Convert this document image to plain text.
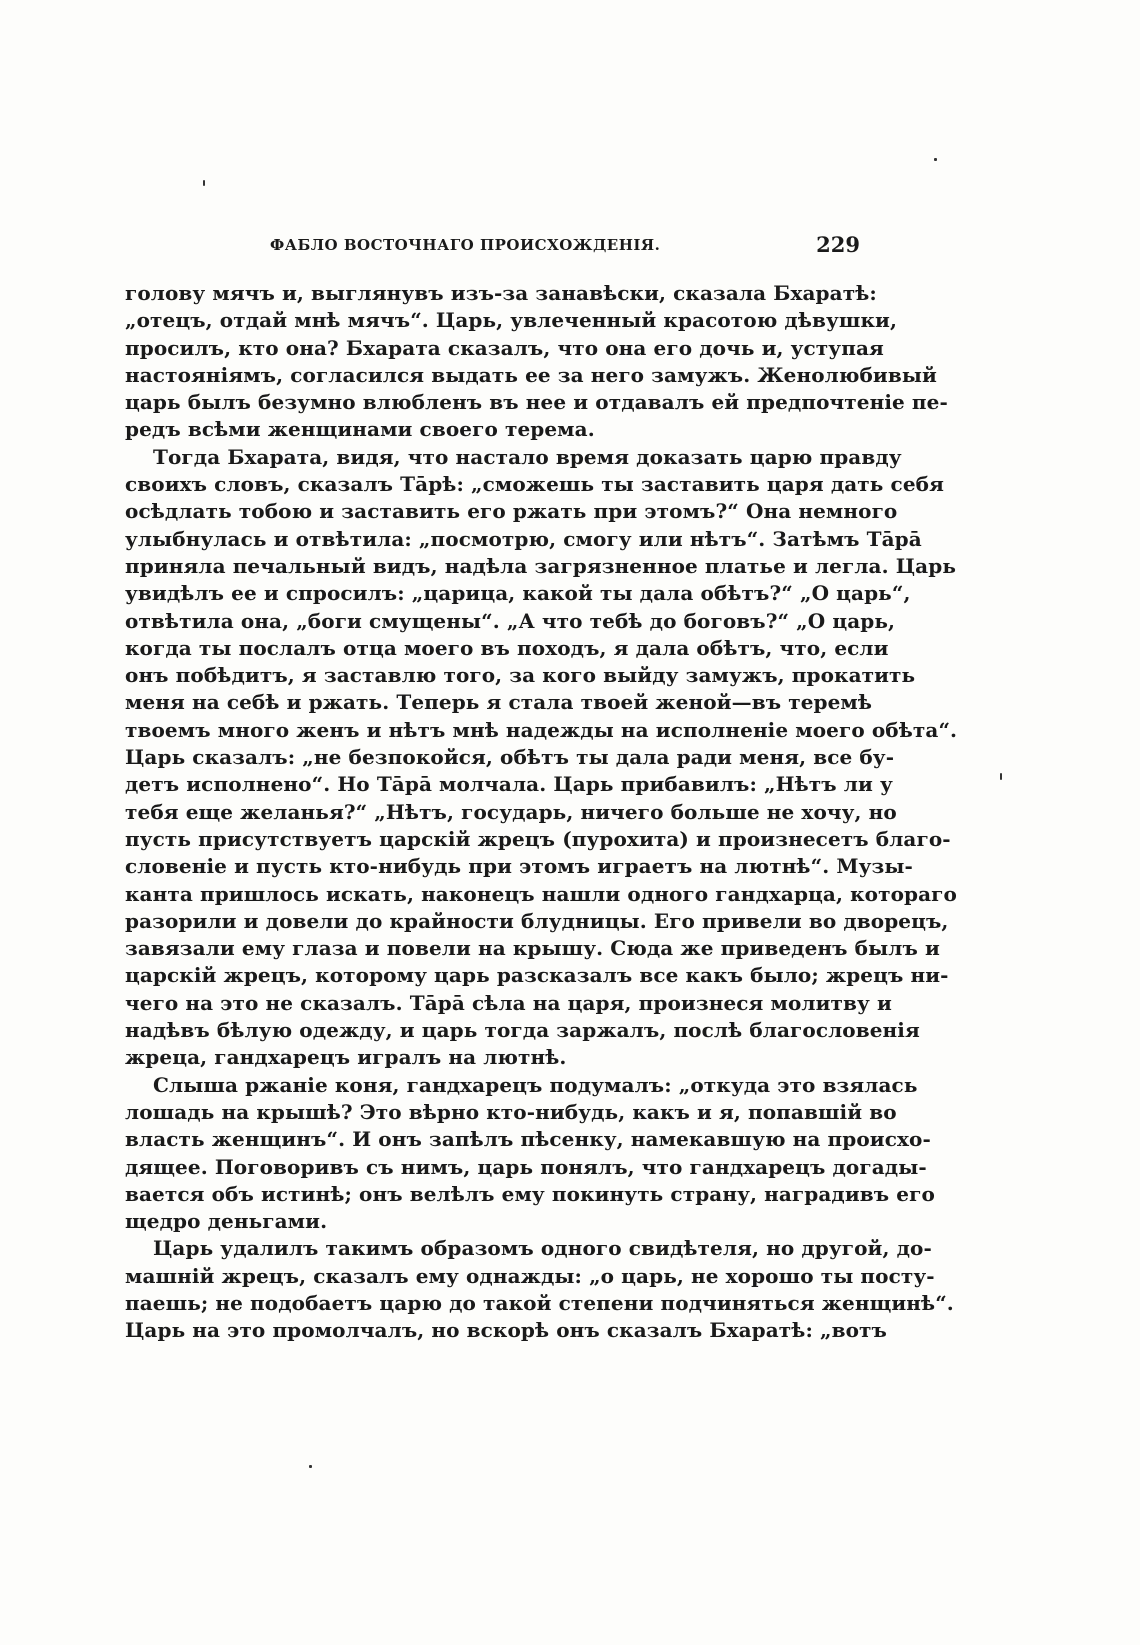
ФАБЛО ВОСТОЧНАГО ПРОИСХОЖДЕНІЯ.	229
голову мячъ и, выглянувъ изъ-за занавѣски, сказала Бхаратѣ:
„отецъ, отдай мнѣ мячъ“. Царь, увлеченный красотою дѣвушки,
просилъ, кто она? Бхарата сказалъ, что она его дочь и, уступая
настояніямъ, согласился выдать ее за него замужъ. Женолюбивый
царь былъ безумно влюбленъ въ нее и отдавалъ ей предпочтеніе пе-
редъ всѣми женщинами своего терема.
Тогда Бхарата, видя, что настало время доказать царю правду
своихъ словъ, сказалъ Тāрѣ: „сможешь ты заставить царя дать себя
осѣдлать тобою и заставить его ржать при этомъ?“ Она немного
улыбнулась и отвѣтила: „посмотрю, смогу или нѣтъ“. Затѣмъ Тāрā
приняла печальный видъ, надѣла загрязненное платье и легла. Царь
увидѣлъ ее и спросилъ: „царица, какой ты дала обѣтъ?“ „О царь“,
отвѣтила она, „боги смущены“. „А что тебѣ до боговъ?“ „О царь,
когда ты послалъ отца моего въ походъ, я дала обѣтъ, что, если
онъ побѣдитъ, я заставлю того, за кого выйду замужъ, прокатить
меня на себѣ и ржать. Теперь я стала твоей женой—въ теремѣ
твоемъ много женъ и нѣтъ мнѣ надежды на исполненіе моего обѣта“.
Царь сказалъ: „не безпокойся, обѣтъ ты дала ради меня, все бу-
детъ исполнено“. Но Тāрā молчала. Царь прибавилъ: „Нѣтъ ли у
тебя еще желанья?“ „Нѣтъ, государь, ничего больше не хочу, но
пусть присутствуетъ царскій жрецъ (пурохита) и произнесетъ благо-
словеніе и пусть кто-нибудь при этомъ играетъ на лютнѣ“. Музы-
канта пришлось искать, наконецъ нашли одного гандхарца, котораго
разорили и довели до крайности блудницы. Его привели во дворецъ,
завязали ему глаза и повели на крышу. Сюда же приведенъ былъ и
царскій жрецъ, которому царь разсказалъ все какъ было; жрецъ ни-
чего на это не сказалъ. Тāрā сѣла на царя, произнеся молитву и
надѣвъ бѣлую одежду, и царь тогда заржалъ, послѣ благословенія
жреца, гандхарецъ игралъ на лютнѣ.
Слыша ржаніе коня, гандхарецъ подумалъ: „откуда это взялась
лошадь на крышѣ? Это вѣрно кто-нибудь, какъ и я, попавшій во
власть женщинъ“. И онъ запѣлъ пѣсенку, намекавшую на происхо-
дящее. Поговоривъ съ нимъ, царь понялъ, что гандхарецъ догады-
вается объ истинѣ; онъ велѣлъ ему покинуть страну, наградивъ его
щедро деньгами.
Царь удалилъ такимъ образомъ одного свидѣтеля, но другой, до-
машній жрецъ, сказалъ ему однажды: „о царь, не хорошо ты посту-
паешь; не подобаетъ царю до такой степени подчиняться женщинѣ“.
Царь на это промолчалъ, но вскорѣ онъ сказалъ Бхаратѣ: „вотъ
